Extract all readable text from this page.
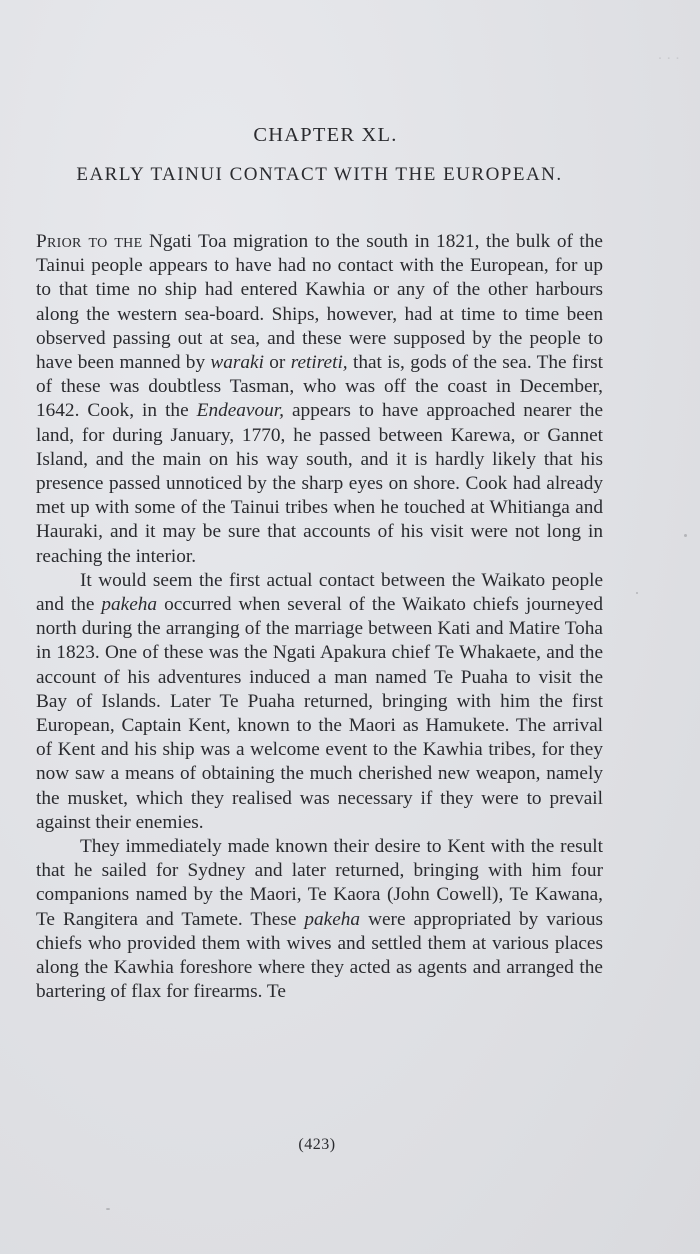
· · ·
CHAPTER XL.
EARLY TAINUI CONTACT WITH THE EUROPEAN.

Prior to the Ngati Toa migration to the south in 1821, the bulk of the Tainui people appears to have had no contact with the European, for up to that time no ship had entered Kawhia or any of the other harbours along the western sea-board. Ships, however, had at time to time been observed passing out at sea, and these were supposed by the people to have been manned by waraki or retireti, that is, gods of the sea. The first of these was doubtless Tasman, who was off the coast in December, 1642. Cook, in the Endeavour, appears to have approached nearer the land, for during January, 1770, he passed between Karewa, or Gannet Island, and the main on his way south, and it is hardly likely that his presence passed unnoticed by the sharp eyes on shore. Cook had already met up with some of the Tainui tribes when he touched at Whitianga and Hauraki, and it may be sure that accounts of his visit were not long in reaching the interior.

It would seem the first actual contact between the Waikato people and the pakeha occurred when several of the Waikato chiefs journeyed north during the arranging of the marriage between Kati and Matire Toha in 1823. One of these was the Ngati Apakura chief Te Whakaete, and the account of his adventures induced a man named Te Puaha to visit the Bay of Islands. Later Te Puaha returned, bringing with him the first European, Captain Kent, known to the Maori as Hamukete. The arrival of Kent and his ship was a welcome event to the Kawhia tribes, for they now saw a means of obtaining the much cherished new weapon, namely the musket, which they realised was necessary if they were to prevail against their enemies.

They immediately made known their desire to Kent with the result that he sailed for Sydney and later returned, bringing with him four companions named by the Maori, Te Kaora (John Cowell), Te Kawana, Te Rangitera and Tamete. These pakeha were appropriated by various chiefs who provided them with wives and settled them at various places along the Kawhia foreshore where they acted as agents and arranged the bartering of flax for firearms. Te

(423)
